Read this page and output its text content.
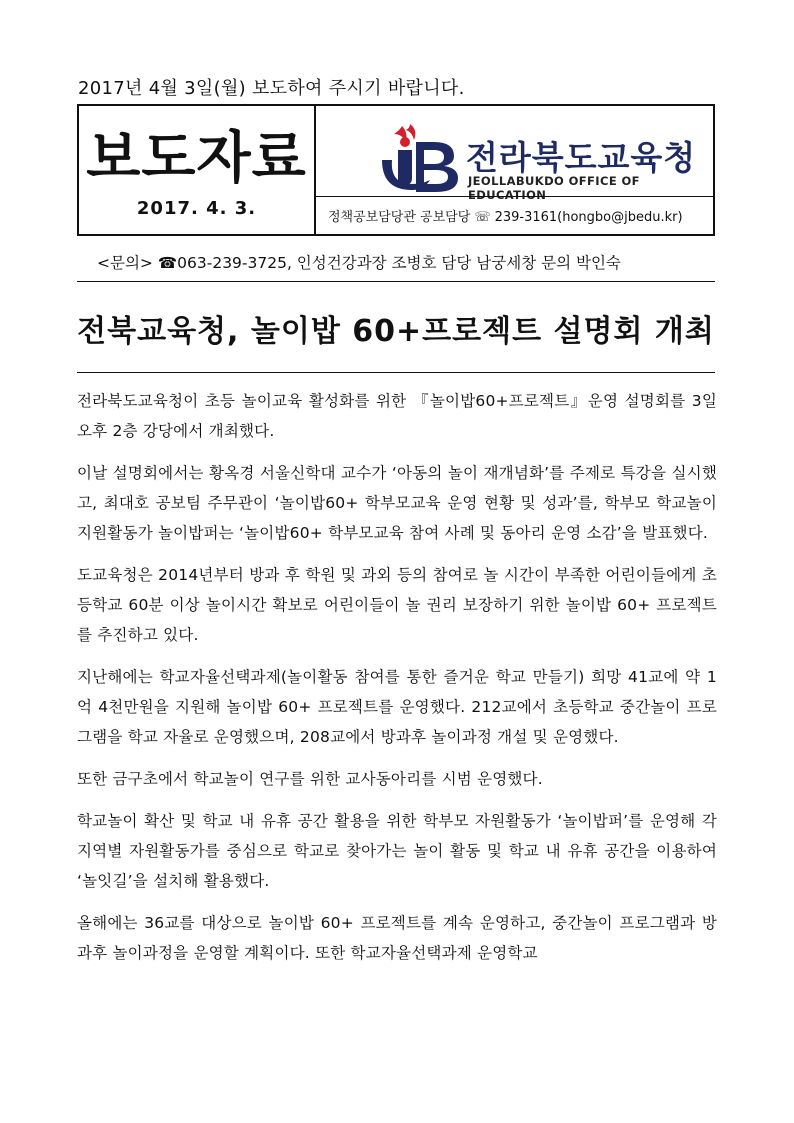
2017년 4월 3일(월) 보도하여 주시기 바랍니다.
보도자료
2017. 4. 3.
전라북도교육청
JEOLLABUKDO OFFICE OF EDUCATION
정책공보담당관 공보담당 ☏ 239-3161(hongbo@jbedu.kr)
<문의> ☎063-239-3725, 인성건강과장 조병호 담당 남궁세창 문의 박인숙
전북교육청, 놀이밥 60+프로젝트 설명회 개최

전라북도교육청이 초등 놀이교육 활성화를 위한 『놀이밥60+프로젝트』운영 설명회를 3일 오후 2층 강당에서 개최했다.

이날 설명회에서는 황옥경 서울신학대 교수가 ‘아동의 놀이 재개념화’를 주제로 특강을 실시했고, 최대호 공보팀 주무관이 ‘놀이밥60+ 학부모교육 운영 현황 및 성과’를, 학부모 학교놀이지원활동가 놀이밥퍼는 ‘놀이밥60+ 학부모교육 참여 사례 및 동아리 운영 소감’을 발표했다.

도교육청은 2014년부터 방과 후 학원 및 과외 등의 참여로 놀 시간이 부족한 어린이들에게 초등학교 60분 이상 놀이시간 확보로 어린이들이 놀 권리 보장하기 위한 놀이밥 60+ 프로젝트를 추진하고 있다.

지난해에는 학교자율선택과제(놀이활동 참여를 통한 즐거운 학교 만들기) 희망 41교에 약 1억 4천만원을 지원해 놀이밥 60+ 프로젝트를 운영했다. 212교에서 초등학교 중간놀이 프로그램을 학교 자율로 운영했으며, 208교에서 방과후 놀이과정 개설 및 운영했다.

또한 금구초에서 학교놀이 연구를 위한 교사동아리를 시범 운영했다.

학교놀이 확산 및 학교 내 유휴 공간 활용을 위한 학부모 자원활동가 ‘놀이밥퍼’를 운영해 각 지역별 자원활동가를 중심으로 학교로 찾아가는 놀이 활동 및 학교 내 유휴 공간을 이용하여 ‘놀잇길’을 설치해 활용했다.

올해에는 36교를 대상으로 놀이밥 60+ 프로젝트를 계속 운영하고, 중간놀이 프로그램과 방과후 놀이과정을 운영할 계획이다. 또한 학교자율선택과제 운영학교
